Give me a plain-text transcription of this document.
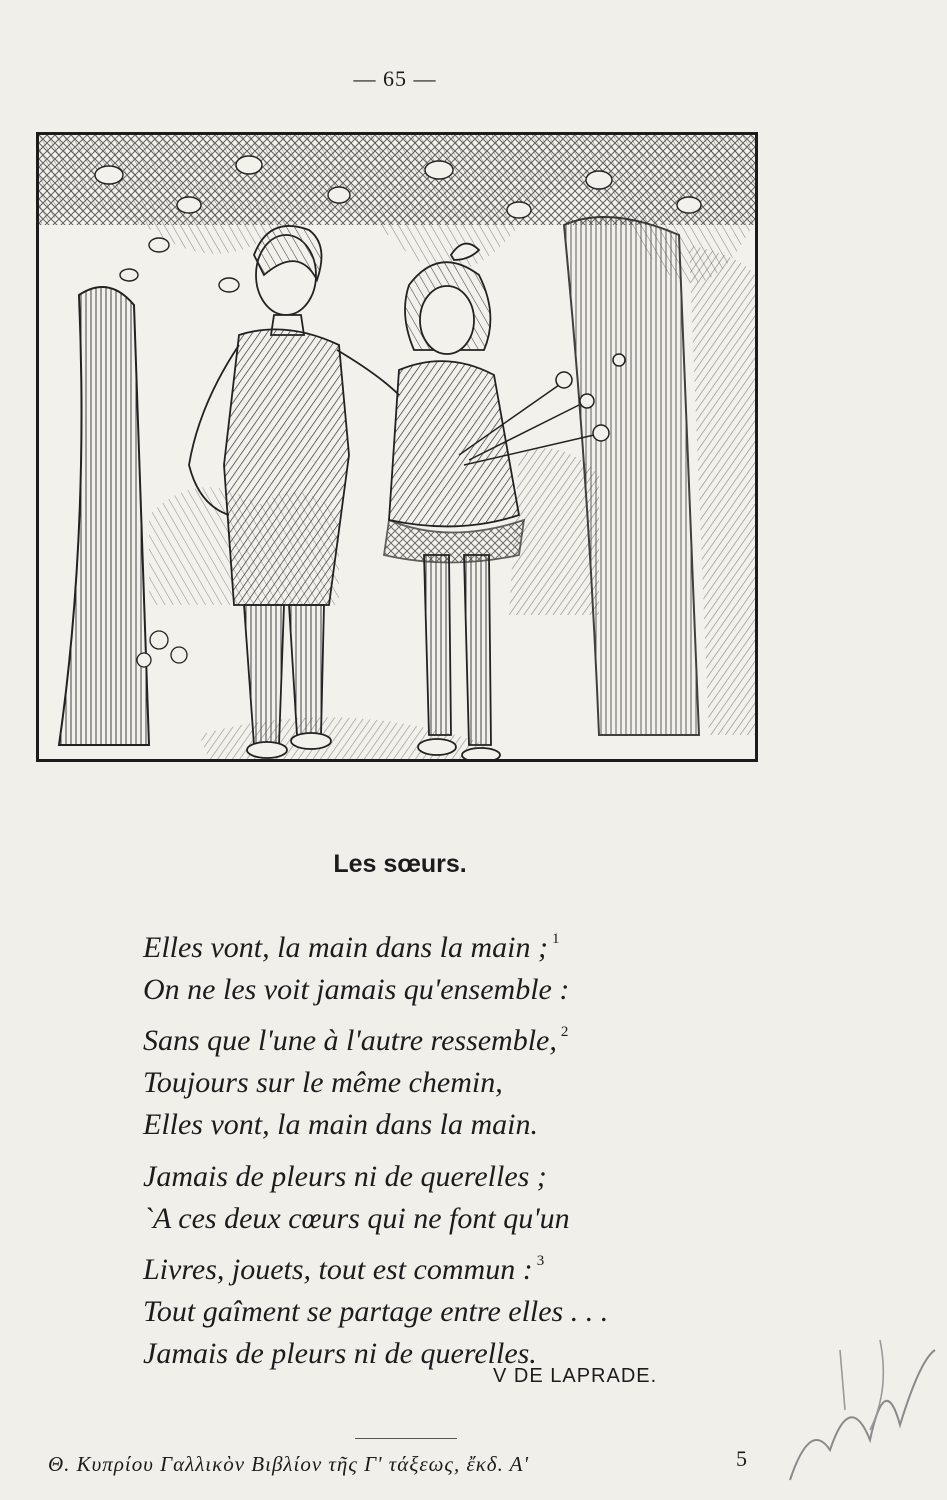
— 65 —
Les sœurs.
Elles vont, la main dans la main ; $^1$
On ne les voit jamais qu'ensemble :
Sans que l'une à l'autre ressemble, $^2$
Toujours sur le même chemin,
Elles vont, la main dans la main.
Jamais de pleurs ni de querelles ;
`A ces deux cœurs qui ne font qu'un
Livres, jouets, tout est commun : $^3$
Tout gaîment se partage entre elles . . .
Jamais de pleurs ni de querelles.
V DE LAPRADE.
Θ. Κυπρίου Γαλλικὸν Βιβλίον τῆς Γ' τάξεως, ἔκδ. Α'	5
